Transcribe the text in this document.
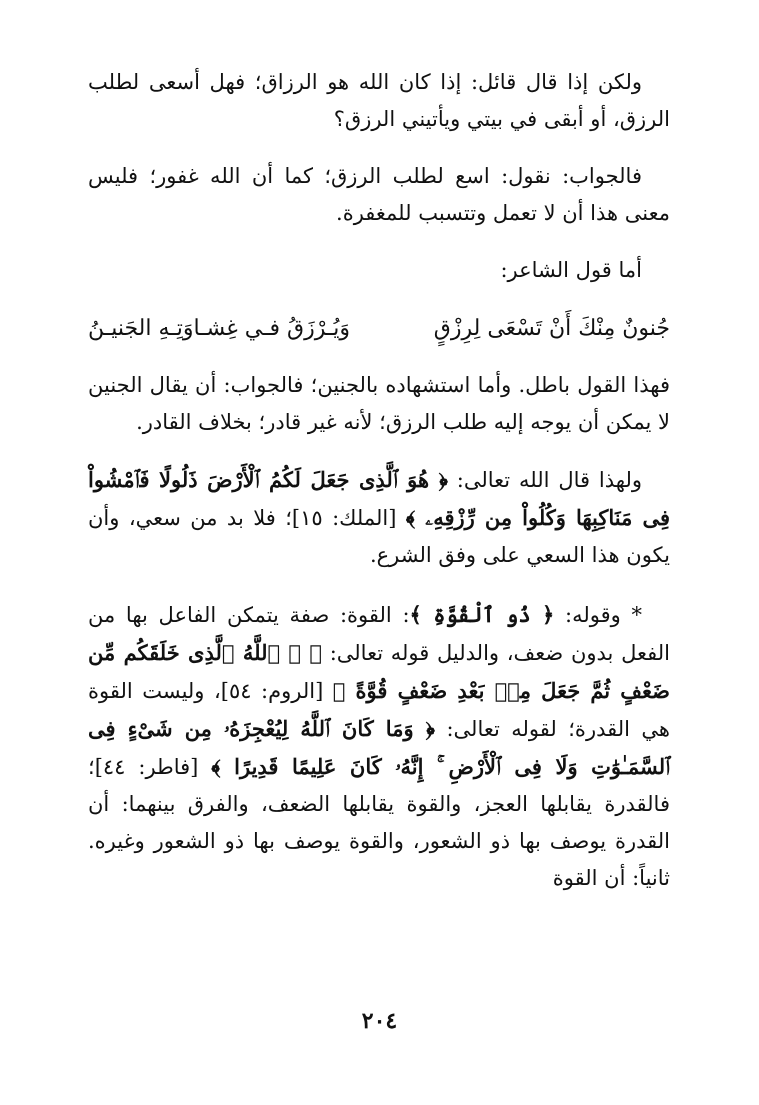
ولكن إذا قال قائل: إذا كان الله هو الرزاق؛ فهل أسعى لطلب الرزق، أو أبقى في بيتي ويأتيني الرزق؟

فالجواب: نقول: اسع لطلب الرزق؛ كما أن الله غفور؛ فليس معنى هذا أن لا تعمل وتتسبب للمغفرة.

أما قول الشاعر:

جُنونٌ مِنْكَ أَنْ تَسْعَى لِرِزْقٍ
وَيُـرْزَقُ فـي غِشـاوَتِـهِ الجَنيـنُ

فهذا القول باطل. وأما استشهاده بالجنين؛ فالجواب: أن يقال الجنين لا يمكن أن يوجه إليه طلب الرزق؛ لأنه غير قادر؛ بخلاف القادر.

ولهذا قال الله تعالى: ﴿ هُوَ ٱلَّذِى جَعَلَ لَكُمُ ٱلْأَرْضَ ذَلُولًا فَٱمْشُواْ فِى مَنَاكِبِهَا وَكُلُواْ مِن رِّزْقِهِۦ ﴾ [الملك: ١٥]؛ فلا بد من سعي، وأن يكون هذا السعي على وفق الشرع.

* وقوله: ﴿ ذُو ٱلْقُوَّةِ ﴾: القوة: صفة يتمكن الفاعل بها من الفعل بدون ضعف، والدليل قوله تعالى: ﴿ ۞ ٱللَّهُ ٱلَّذِى خَلَقَكُم مِّن ضَعْفٍ ثُمَّ جَعَلَ مِنۢ بَعْدِ ضَعْفٍ قُوَّةً ﴾ [الروم: ٥٤]، وليست القوة هي القدرة؛ لقوله تعالى: ﴿ وَمَا كَانَ ٱللَّهُ لِيُعْجِزَهُۥ مِن شَىْءٍ فِى ٱلسَّمَـٰوَٰتِ وَلَا فِى ٱلْأَرْضِ ۚ إِنَّهُۥ كَانَ عَلِيمًا قَدِيرًا ﴾ [فاطر: ٤٤]؛ فالقدرة يقابلها العجز، والقوة يقابلها الضعف، والفرق بينهما: أن القدرة يوصف بها ذو الشعور، والقوة يوصف بها ذو الشعور وغيره. ثانياً: أن القوة

٢٠٤
